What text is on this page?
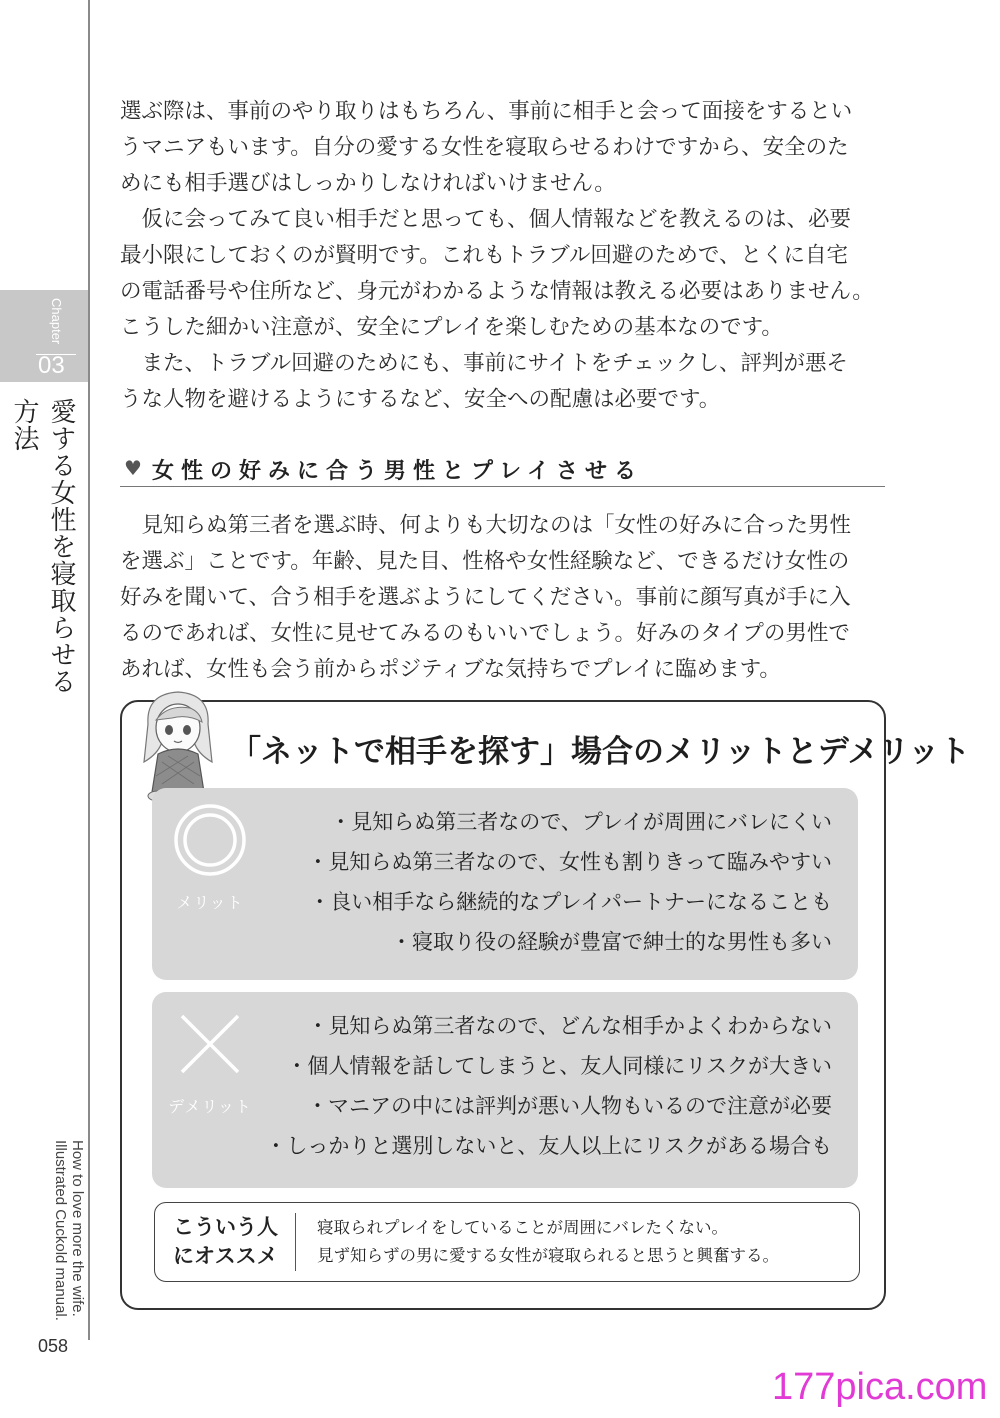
Chapter
03
愛する女性を寝取らせる方法
How to love more the wife. Illustrated Cuckold manual.
058

選ぶ際は、事前のやり取りはもちろん、事前に相手と会って面接をするとい

うマニアもいます。自分の愛する女性を寝取らせるわけですから、安全のた

めにも相手選びはしっかりしなければいけません。

　仮に会ってみて良い相手だと思っても、個人情報などを教えるのは、必要

最小限にしておくのが賢明です。これもトラブル回避のためで、とくに自宅

の電話番号や住所など、身元がわかるような情報は教える必要はありません。

こうした細かい注意が、安全にプレイを楽しむための基本なのです。

　また、トラブル回避のためにも、事前にサイトをチェックし、評判が悪そ

うな人物を避けるようにするなど、安全への配慮は必要です。

♥ 女性の好みに合う男性とプレイさせる

　見知らぬ第三者を選ぶ時、何よりも大切なのは「女性の好みに合った男性

を選ぶ」ことです。年齢、見た目、性格や女性経験など、できるだけ女性の

好みを聞いて、合う相手を選ぶようにしてください。事前に顔写真が手に入

るのであれば、女性に見せてみるのもいいでしょう。好みのタイプの男性で

あれば、女性も会う前からポジティブな気持ちでプレイに臨めます。

「ネットで相手を探す」場合のメリットとデメリット
メリット
・見知らぬ第三者なので、プレイが周囲にバレにくい
・見知らぬ第三者なので、女性も割りきって臨みやすい
・良い相手なら継続的なプレイパートナーになることも
・寝取り役の経験が豊富で紳士的な男性も多い
デメリット
・見知らぬ第三者なので、どんな相手かよくわからない
・個人情報を話してしまうと、友人同様にリスクが大きい
・マニアの中には評判が悪い人物もいるので注意が必要
・しっかりと選別しないと、友人以上にリスクがある場合も
こういう人
にオススメ
寝取られプレイをしていることが周囲にバレたくない。
見ず知らずの男に愛する女性が寝取られると思うと興奮する。
177pica.com
